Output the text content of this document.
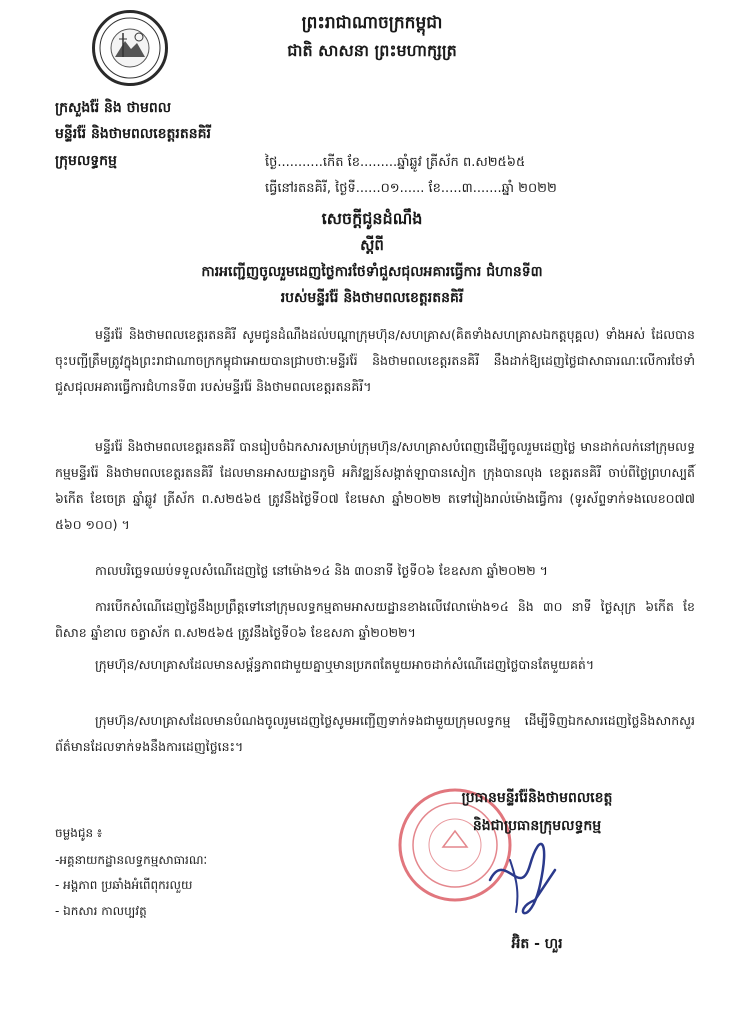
ព្រះរាជាណាចក្រកម្ពុជា
ជាតិ សាសនា ព្រះមហាក្សត្រ
ក្រសួងរ៉ែ និង ថាមពល
មន្ទីររ៉ែ និងថាមពលខេត្តរតនគិរី
ក្រុមលទ្ធកម្ម	ថ្ងៃ...........កើត ខែ.........ឆ្នាំឆ្លូវ ត្រីស័ក ព.ស២៥៦៥
ធ្វើនៅរតនគិរី, ថ្ងៃទី......០១...... ខែ.....៣.......ឆ្នាំ ២០២២
សេចក្តីជូនដំណឹង
ស្តីពី
ការអញ្ជើញចូលរួមដេញថ្លៃការថែទាំជួសជុលអគារធ្វើការ ជំហានទី៣
របស់មន្ទីររ៉ែ និងថាមពលខេត្តរតនគិរី
មន្ទីររ៉ែ និងថាមពលខេត្តរតនគិរី សូមជូនដំណឹងដល់បណ្តាក្រុមហ៊ុន/សហគ្រាស(គិតទាំងសហគ្រាសឯកត្តបុគ្គល) ទាំងអស់ ដែលបានចុះបញ្ជីត្រឹមត្រូវក្នុងព្រះរាជាណាចក្រកម្ពុជាអោយបានជ្រាបថាៈមន្ទីររ៉ែ និងថាមពលខេត្តរតនគិរី នឹងដាក់ឱ្យដេញថ្លៃជាសាធារណៈលើការថែទាំជួសជុលអគារធ្វើការជំហានទី៣ របស់មន្ទីររ៉ែ និងថាមពលខេត្តរតនគិរី។
មន្ទីររ៉ែ និងថាមពលខេត្តរតនគិរី បានរៀបចំឯកសារសម្រាប់ក្រុមហ៊ុន/សហគ្រាសបំពេញដើម្បីចូលរួមដេញថ្លៃ មានដាក់លក់នៅក្រុមលទ្ធកម្មមន្ទីររ៉ែ និងថាមពលខេត្តរតនគិរី ដែលមានអាសយដ្ឋានភូមិ អភិវឌ្ឍន៍សង្កាត់ឡាបានសៀក ក្រុងបានលុង ខេត្តរតនគិរី ចាប់ពីថ្ងៃព្រហស្បតិ៍ ៦កើត ខែចេត្រ ឆ្នាំឆ្លូវ ត្រីស័ក ព.ស២៥៦៥ ត្រូវនឹងថ្ងៃទី០៧ ខែមេសា ឆ្នាំ២០២២ តទៅរៀងរាល់ម៉ោងធ្វើការ (ទូរស័ព្ទទាក់ទងលេខ០៧៧ ៥៦០ ១០០) ។
កាលបរិច្ឆេទឈប់ទទួលសំណើដេញថ្លៃ នៅម៉ោង១៤ និង ៣០នាទី ថ្ងៃទី០៦ ខែឧសភា ឆ្នាំ២០២២ ។
ការបើកសំណើដេញថ្លៃនឹងប្រព្រឹត្តទៅនៅក្រុមលទ្ធកម្មតាមអាសយដ្ឋានខាងលើវេលាម៉ោង១៤ និង ៣០ នាទី ថ្ងៃសុក្រ ៦កើត ខែពិសាខ ឆ្នាំខាល ចត្វាស័ក ព.ស២៥៦៥ ត្រូវនឹងថ្ងៃទី០៦ ខែឧសភា ឆ្នាំ២០២២។
ក្រុមហ៊ុន/សហគ្រាសដែលមានសម្ព័ន្ធភាពជាមួយគ្នាឬមានប្រភពតែមួយអាចដាក់សំណើដេញថ្លៃបានតែមួយគត់។
ក្រុមហ៊ុន/សហគ្រាសដែលមានបំណងចូលរួមដេញថ្លៃសូមអញ្ជើញទាក់ទងជាមួយក្រុមលទ្ធកម្ម ដើម្បីទិញឯកសារដេញថ្លៃនិងសាកសួរព័ត៌មានដែលទាក់ទងនឹងការដេញថ្លៃនេះ។
ប្រធានមន្ទីររ៉ែនិងថាមពលខេត្ត
និងជាប្រធានក្រុមលទ្ធកម្ម
អ៊ិត - ហួរ
ចម្លងជូន ៖
-អគ្គនាយកដ្ឋានលទ្ធកម្មសាធារណៈ
- អង្គភាព ប្រឆាំងអំពើពុករលួយ
- ឯកសារ កាលប្បវត្ត
